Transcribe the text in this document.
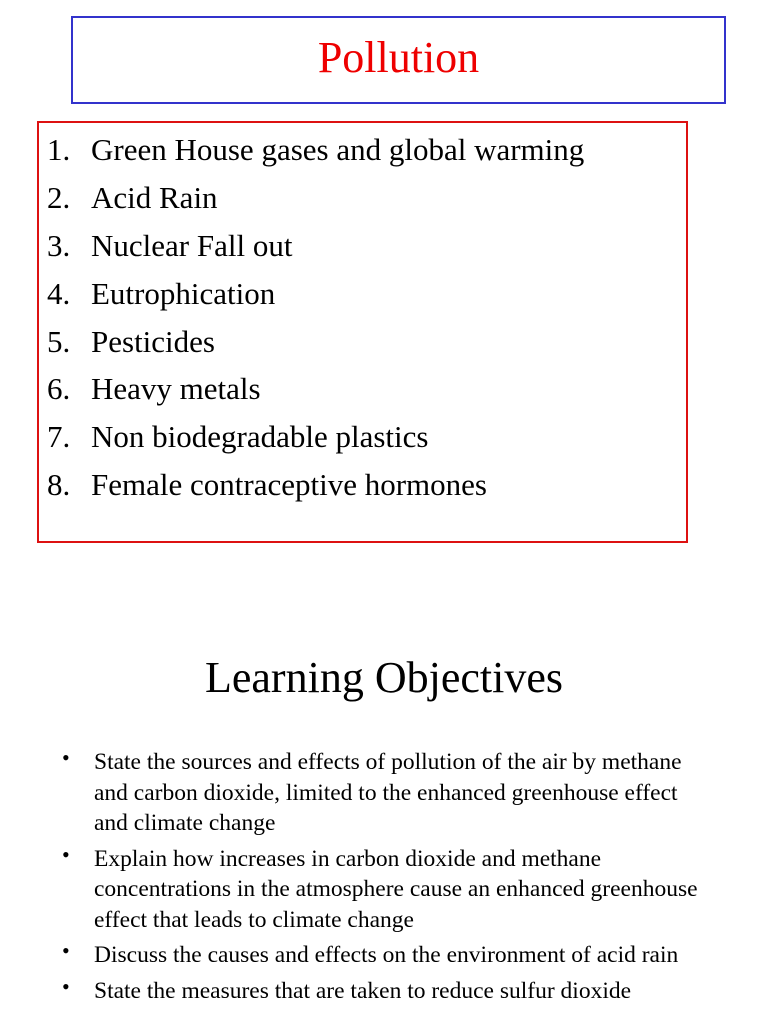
Pollution
1. Green House gases and global warming
2. Acid Rain
3. Nuclear Fall out
4. Eutrophication
5. Pesticides
6. Heavy metals
7. Non biodegradable plastics
8. Female contraceptive hormones
Learning Objectives
•	State the sources and effects of pollution of the air by methane and carbon dioxide, limited to the enhanced greenhouse effect and climate change
•	Explain how increases in carbon dioxide and methane concentrations in the atmosphere cause an enhanced greenhouse effect that leads to climate change
•	Discuss the causes and effects on the environment of acid rain
•	State the measures that are taken to reduce sulfur dioxide
